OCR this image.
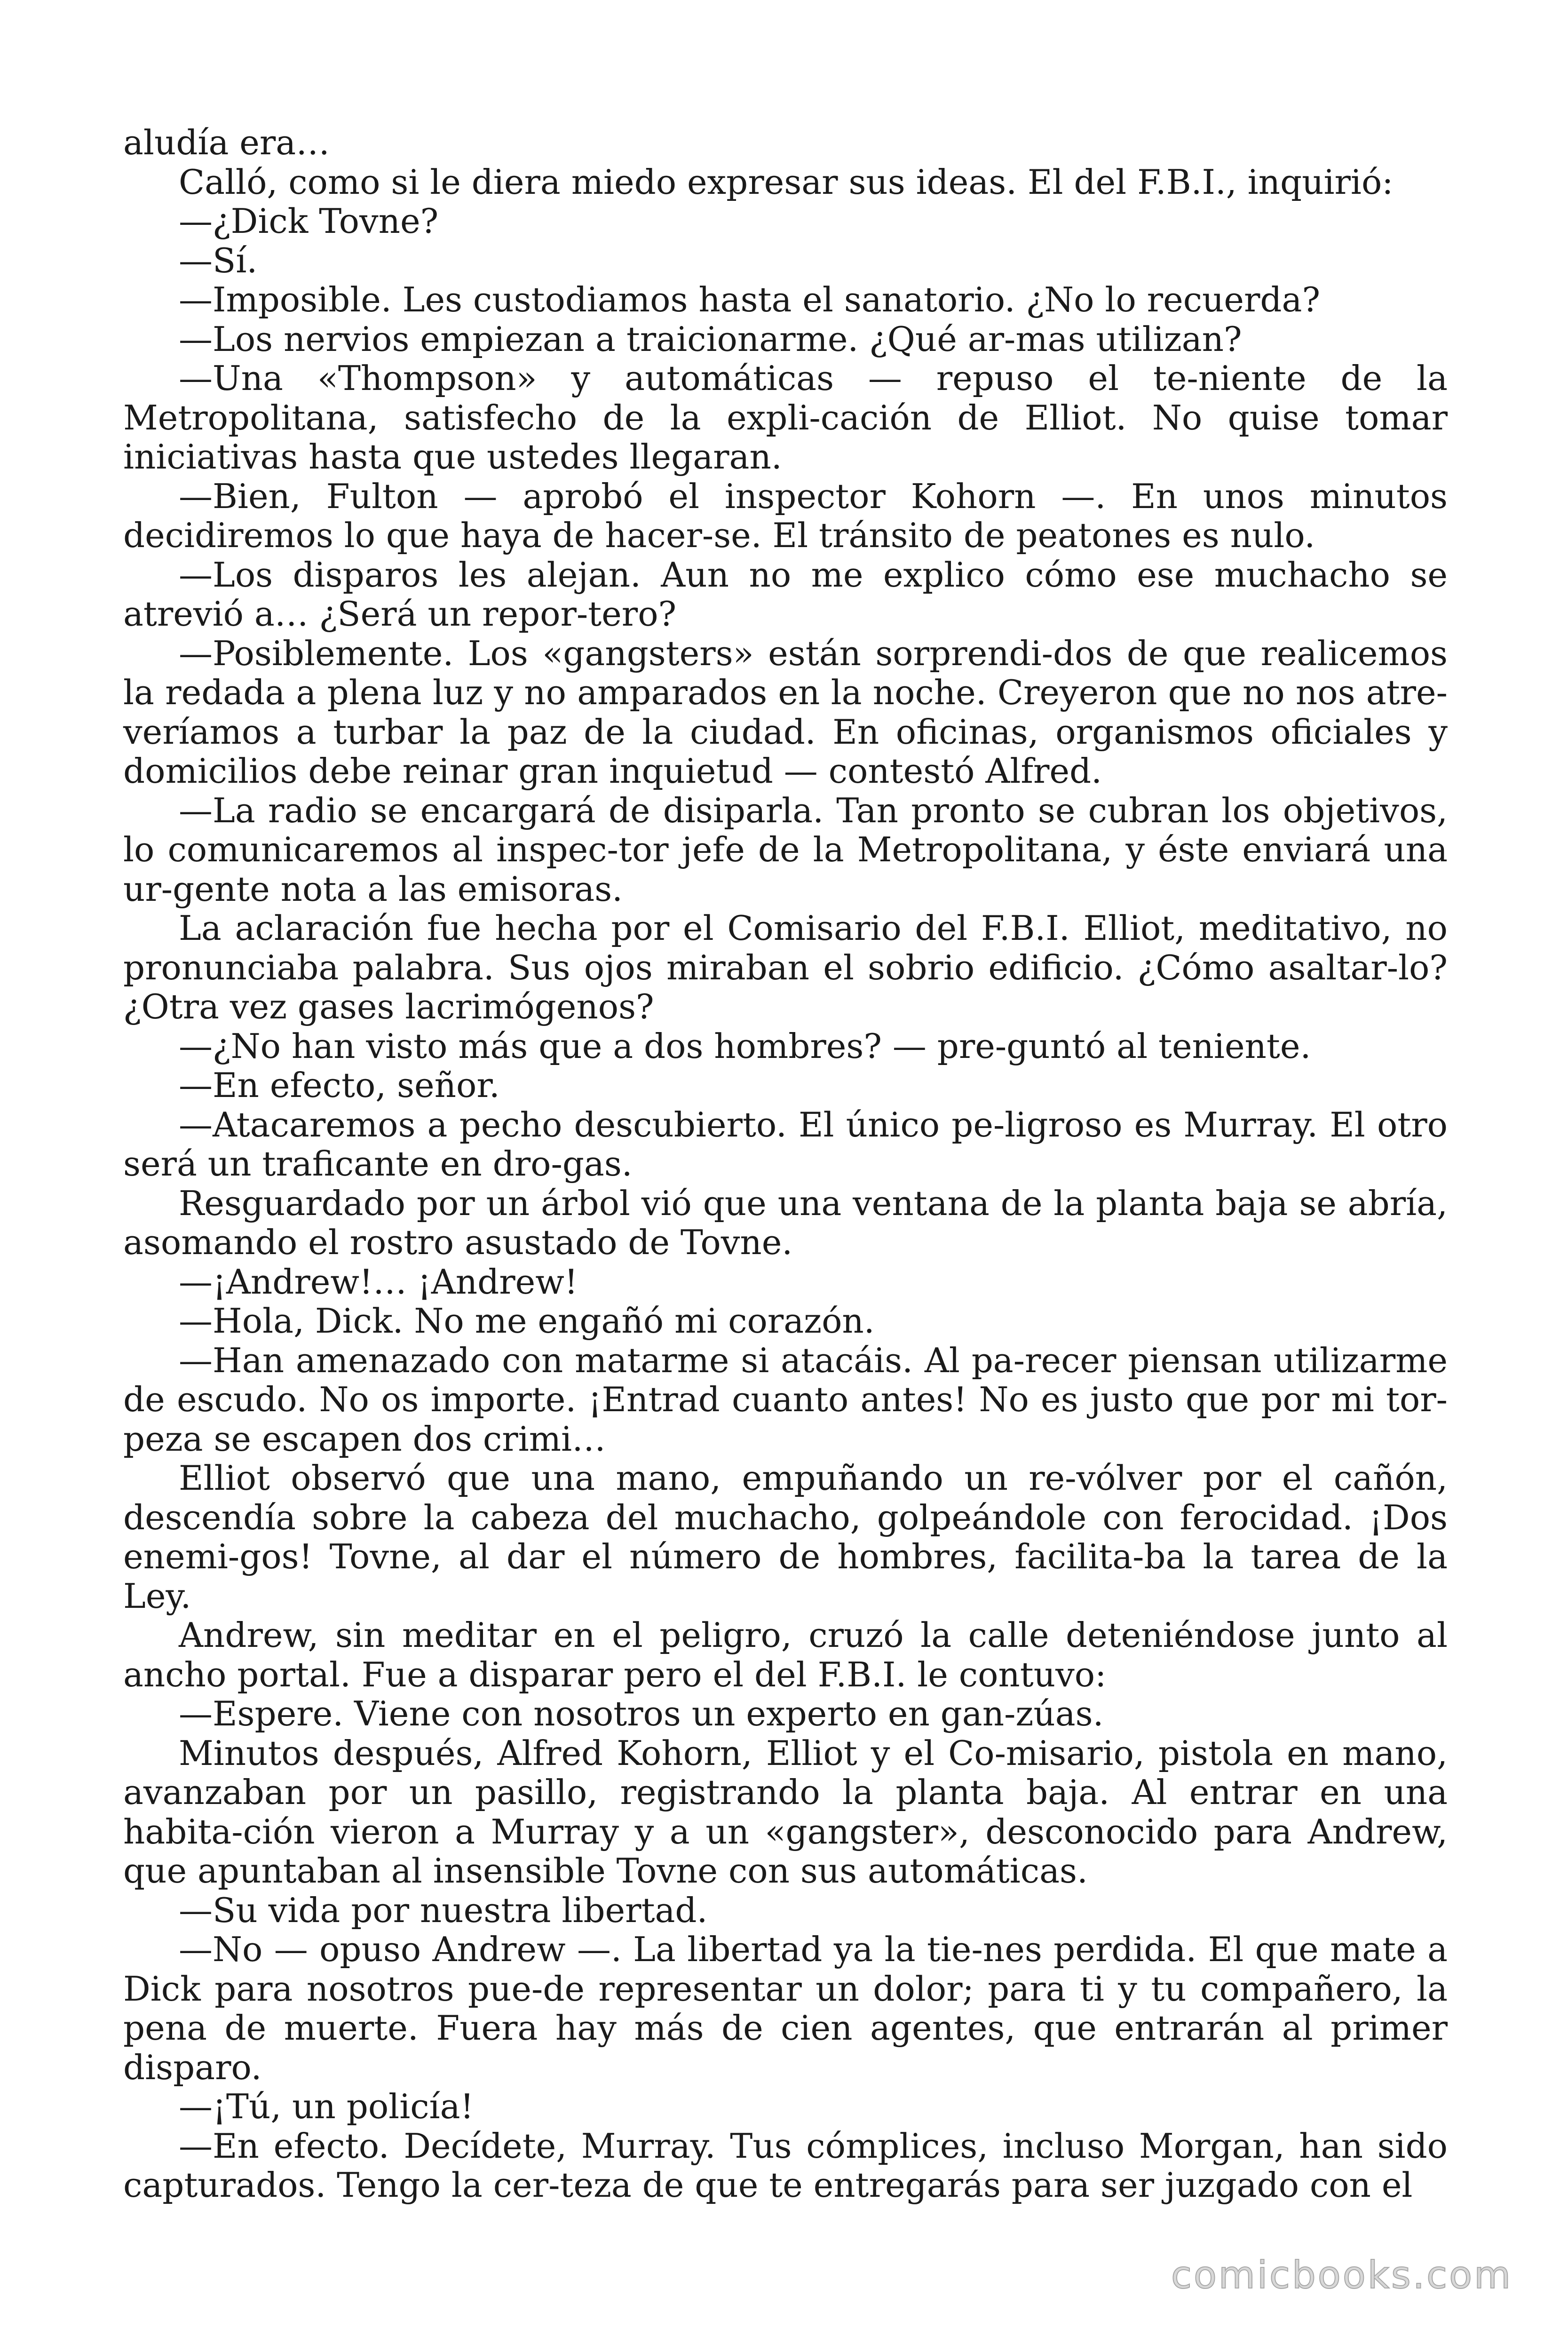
aludía era…

Calló, como si le diera miedo expresar sus ideas. El del F.B.I., inquirió:

—¿Dick Tovne?

—Sí.

—Imposible. Les custodiamos hasta el sanatorio. ¿No lo recuerda?

—Los nervios empiezan a traicionarme. ¿Qué ar-mas utilizan?

—Una «Thompson» y automáticas — repuso el te-niente de la Metropolitana, satisfecho de la expli-cación de Elliot. No quise tomar iniciativas hasta que ustedes llegaran.

—Bien, Fulton — aprobó el inspector Kohorn —. En unos minutos decidiremos lo que haya de hacer-se. El tránsito de peatones es nulo.

—Los disparos les alejan. Aun no me explico cómo ese muchacho se atrevió a… ¿Será un repor-tero?

—Posiblemente. Los «gangsters» están sorprendi-dos de que realicemos la redada a plena luz y no amparados en la noche. Creyeron que no nos atre-veríamos a turbar la paz de la ciudad. En oficinas, organismos oficiales y domicilios debe reinar gran inquietud — contestó Alfred.

—La radio se encargará de disiparla. Tan pronto se cubran los objetivos, lo comunicaremos al inspec-tor jefe de la Metropolitana, y éste enviará una ur-gente nota a las emisoras.

La aclaración fue hecha por el Comisario del F.B.I. Elliot, meditativo, no pronunciaba palabra. Sus ojos miraban el sobrio edificio. ¿Cómo asaltar-lo? ¿Otra vez gases lacrimógenos?

—¿No han visto más que a dos hombres? — pre-guntó al teniente.

—En efecto, señor.

—Atacaremos a pecho descubierto. El único pe-ligroso es Murray. El otro será un traficante en dro-gas.

Resguardado por un árbol vió que una ventana de la planta baja se abría, asomando el rostro asustado de Tovne.

—¡Andrew!… ¡Andrew!

—Hola, Dick. No me engañó mi corazón.

—Han amenazado con matarme si atacáis. Al pa-recer piensan utilizarme de escudo. No os importe. ¡Entrad cuanto antes! No es justo que por mi tor-peza se escapen dos crimi…

Elliot observó que una mano, empuñando un re-vólver por el cañón, descendía sobre la cabeza del muchacho, golpeándole con ferocidad. ¡Dos enemi-gos! Tovne, al dar el número de hombres, facilita-ba la tarea de la Ley.

Andrew, sin meditar en el peligro, cruzó la calle deteniéndose junto al ancho portal. Fue a disparar pero el del F.B.I. le contuvo:

—Espere. Viene con nosotros un experto en gan-zúas.

Minutos después, Alfred Kohorn, Elliot y el Co-misario, pistola en mano, avanzaban por un pasillo, registrando la planta baja. Al entrar en una habita-ción vieron a Murray y a un «gangster», desconocido para Andrew, que apuntaban al insensible Tovne con sus automáticas.

—Su vida por nuestra libertad.

—No — opuso Andrew —. La libertad ya la tie-nes perdida. El que mate a Dick para nosotros pue-de representar un dolor; para ti y tu compañero, la pena de muerte. Fuera hay más de cien agentes, que entrarán al primer disparo.

—¡Tú, un policía!

—En efecto. Decídete, Murray. Tus cómplices, incluso Morgan, han sido capturados. Tengo la cer-teza de que te entregarás para ser juzgado con el

comicbooks.com
